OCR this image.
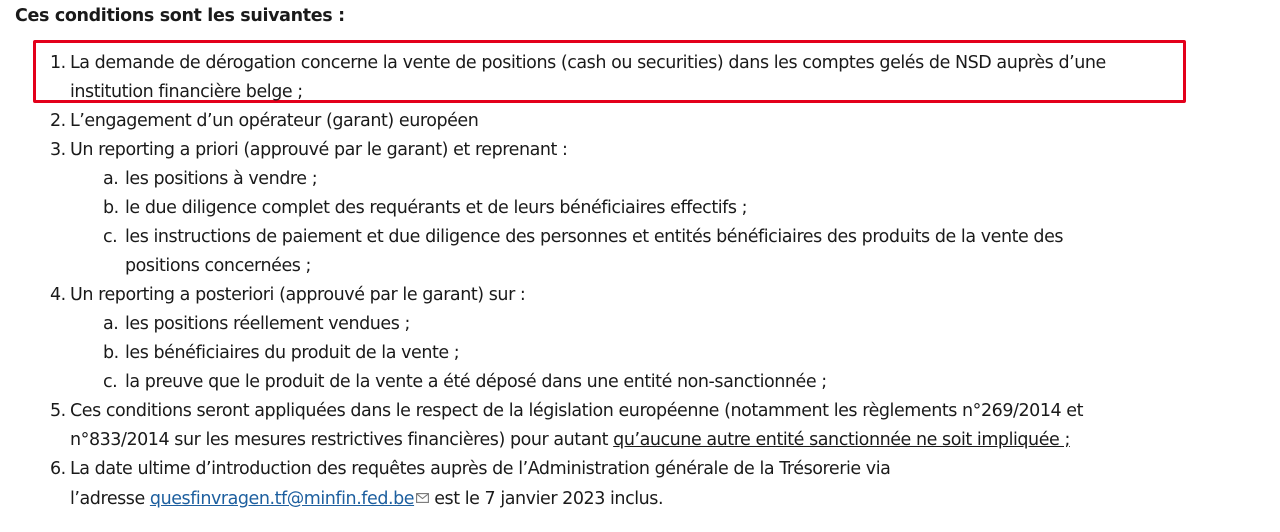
Ces conditions sont les suivantes :
1. La demande de dérogation concerne la vente de positions (cash ou securities) dans les comptes gelés de NSD auprès d’une
institution financière belge ;
2. L’engagement d’un opérateur (garant) européen
3. Un reporting a priori (approuvé par le garant) et reprenant :
a. les positions à vendre ;
b. le due diligence complet des requérants et de leurs bénéficiaires effectifs ;
c. les instructions de paiement et due diligence des personnes et entités bénéficiaires des produits de la vente des
positions concernées ;
4. Un reporting a posteriori (approuvé par le garant) sur :
a. les positions réellement vendues ;
b. les bénéficiaires du produit de la vente ;
c. la preuve que le produit de la vente a été déposé dans une entité non-sanctionnée ;
5. Ces conditions seront appliquées dans le respect de la législation européenne (notamment les règlements n°269/2014 et
n°833/2014 sur les mesures restrictives financières) pour autant qu’aucune autre entité sanctionnée ne soit impliquée ;
6. La date ultime d’introduction des requêtes auprès de l’Administration générale de la Trésorerie via
l’adresse quesfinvragen.tf@minfin.fed.be est le 7 janvier 2023 inclus.
